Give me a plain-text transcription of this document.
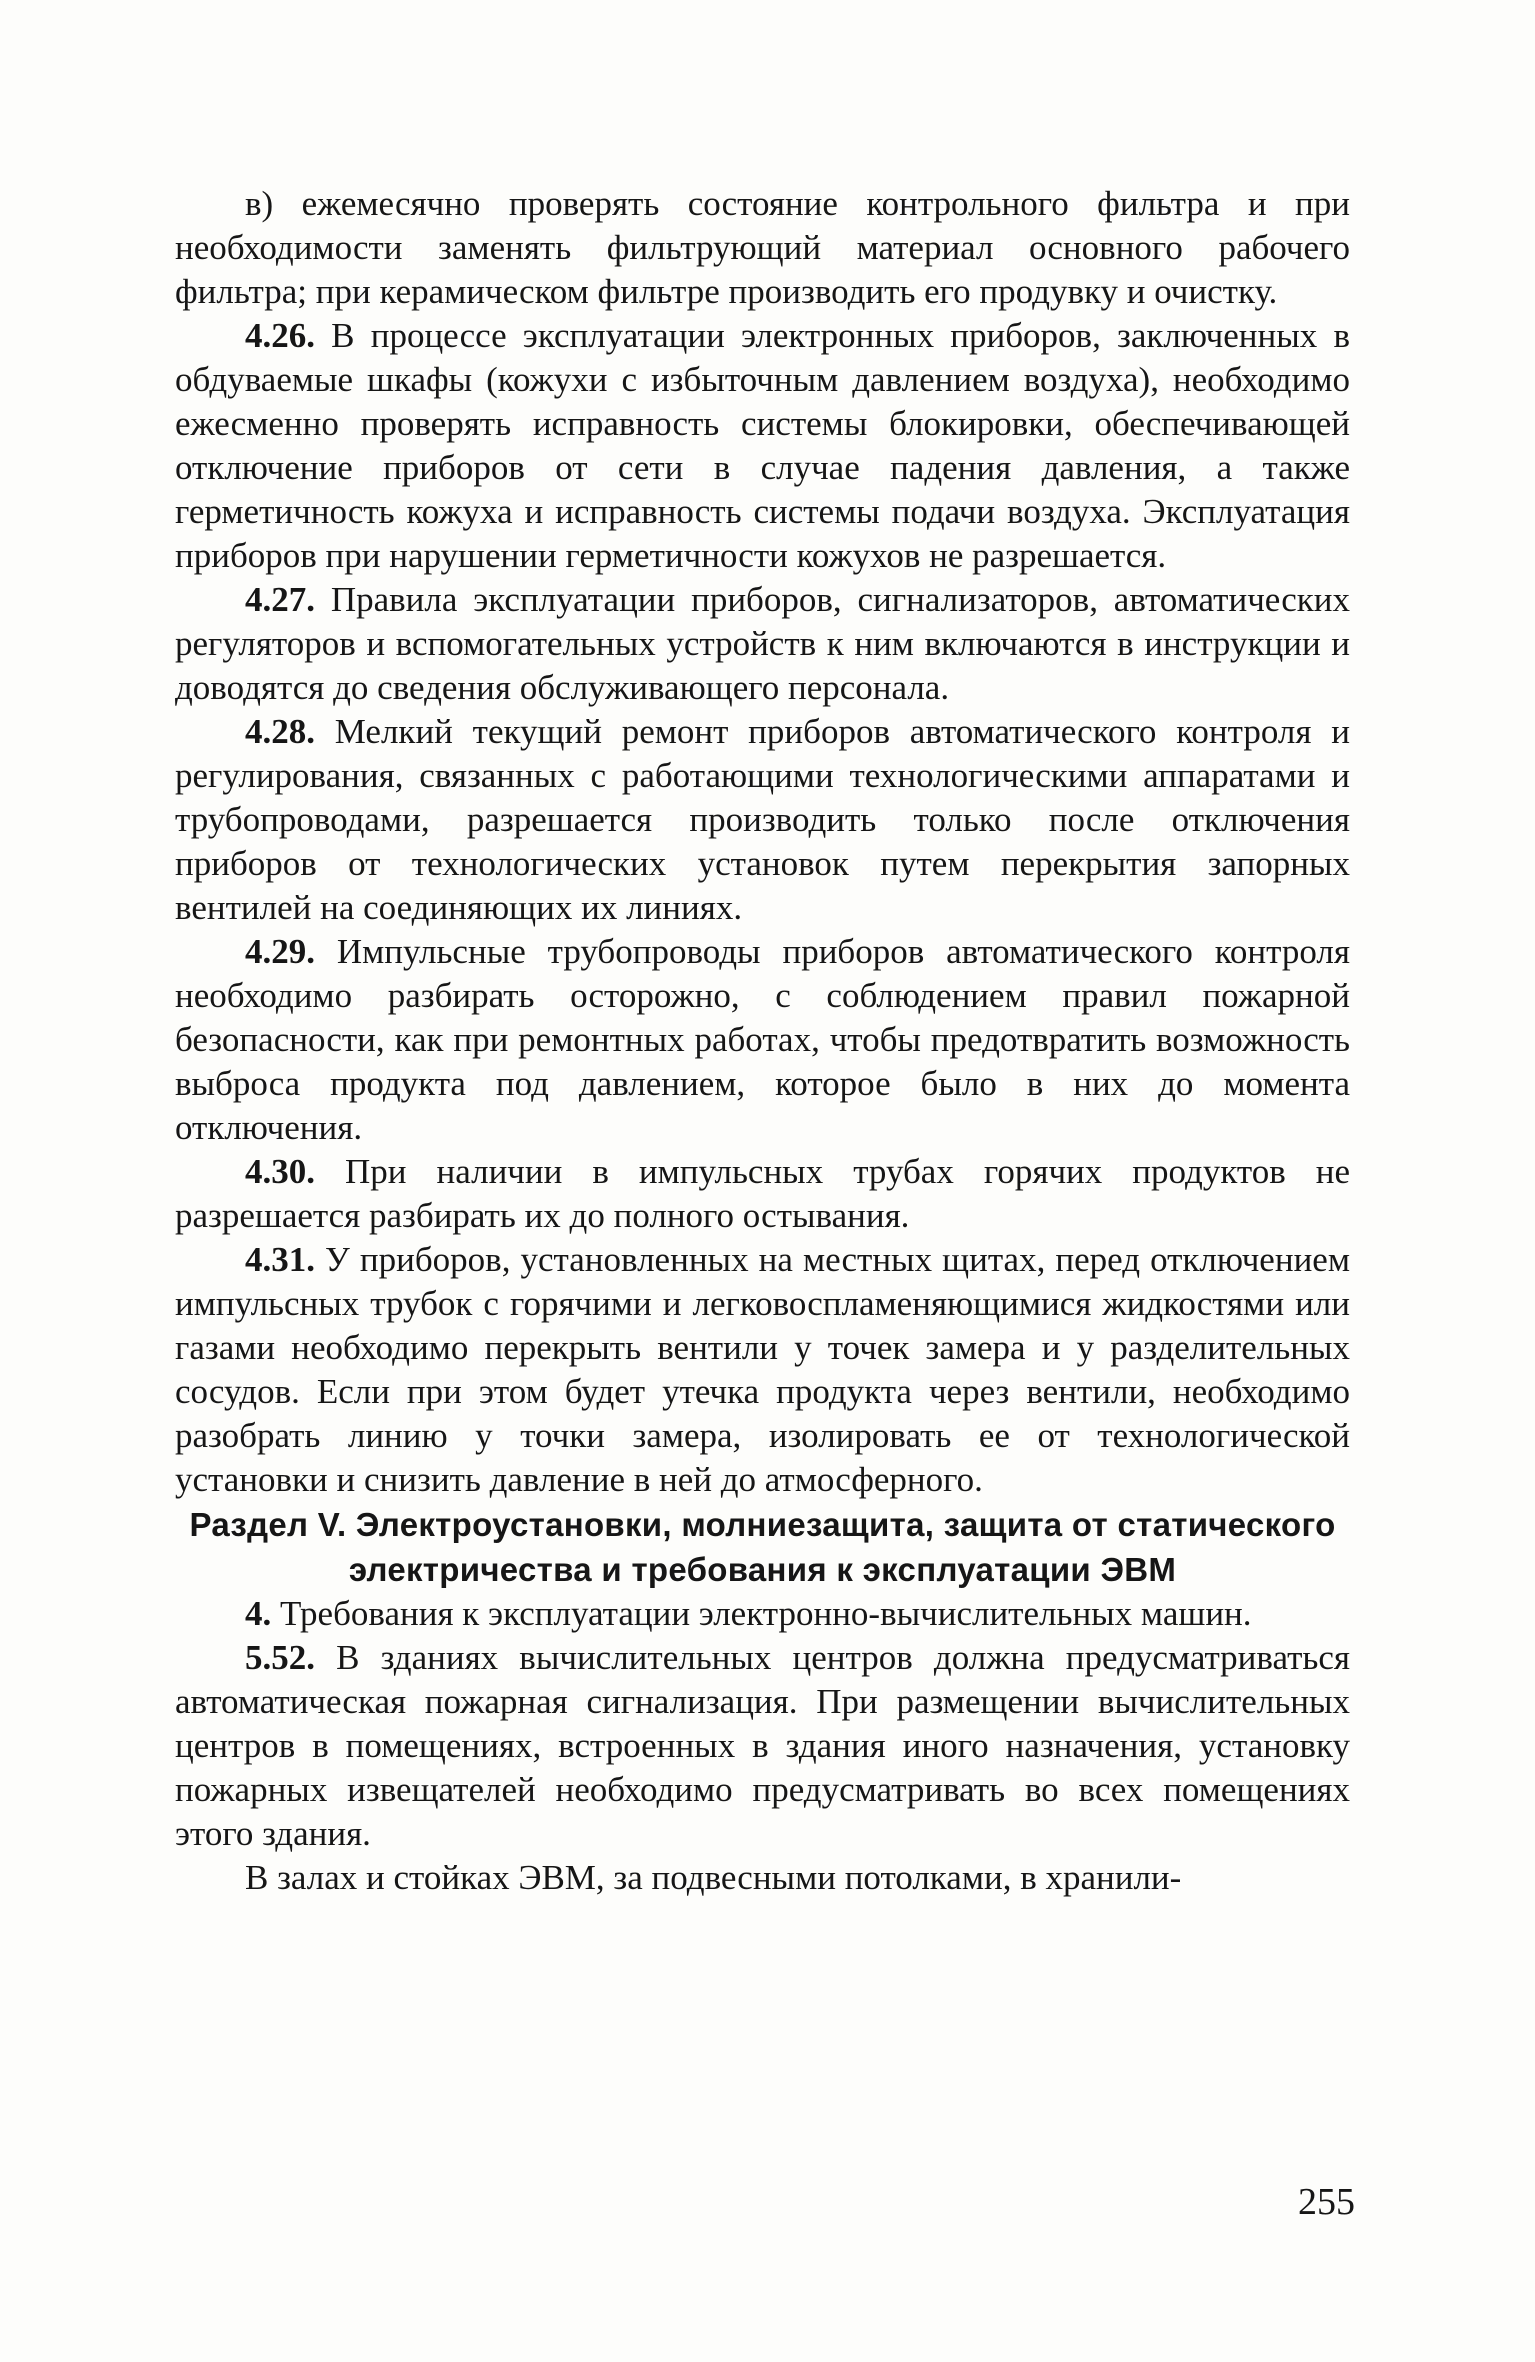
в) ежемесячно проверять состояние контрольного фильтра и при необходимости заменять фильтрующий материал основного рабочего фильтра; при керамическом фильтре производить его продувку и очистку.

4.26. В процессе эксплуатации электронных приборов, заключенных в обдуваемые шкафы (кожухи с избыточным давлением воздуха), необходимо ежесменно проверять исправность системы блокировки, обеспечивающей отключение приборов от сети в случае падения давления, а также герметичность кожуха и исправность системы подачи воздуха. Эксплуатация приборов при нарушении герметичности кожухов не разрешается.

4.27. Правила эксплуатации приборов, сигнализаторов, автоматических регуляторов и вспомогательных устройств к ним включаются в инструкции и доводятся до сведения обслуживающего персонала.

4.28. Мелкий текущий ремонт приборов автоматического контроля и регулирования, связанных с работающими технологическими аппаратами и трубопроводами, разрешается производить только после отключения приборов от технологических установок путем перекрытия запорных вентилей на соединяющих их линиях.

4.29. Импульсные трубопроводы приборов автоматического контроля необходимо разбирать осторожно, с соблюдением правил пожарной безопасности, как при ремонтных работах, чтобы предотвратить возможность выброса продукта под давлением, которое было в них до момента отключения.

4.30. При наличии в импульсных трубах горячих продуктов не разрешается разбирать их до полного остывания.

4.31. У приборов, установленных на местных щитах, перед отключением импульсных трубок с горячими и легковоспламеняющимися жидкостями или газами необходимо перекрыть вентили у точек замера и у разделительных сосудов. Если при этом будет утечка продукта через вентили, необходимо разобрать линию у точки замера, изолировать ее от технологической установки и снизить давление в ней до атмосферного.

Раздел V. Электроустановки, молниезащита, защита от статического
электричества и требования к эксплуатации ЭВМ

4. Требования к эксплуатации электронно-вычислительных машин.

5.52. В зданиях вычислительных центров должна предусматриваться автоматическая пожарная сигнализация. При размещении вычислительных центров в помещениях, встроенных в здания иного назначения, установку пожарных извещателей необходимо предусматривать во всех помещениях этого здания.

В залах и стойках ЭВМ, за подвесными потолками, в хранили-

255
